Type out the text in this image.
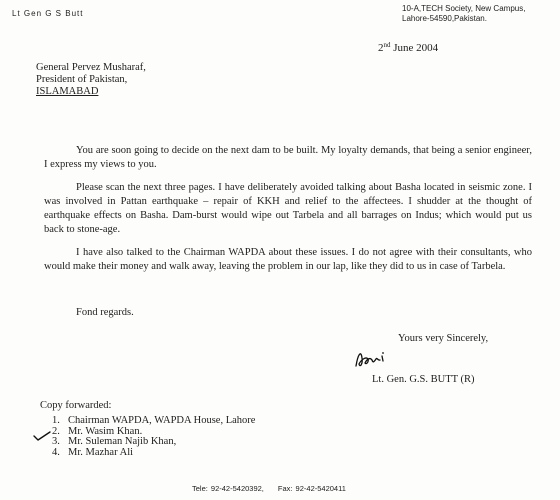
Lt Gen G S Butt
10-A,TECH Society, New Campus,
Lahore-54590,Pakistan.
2nd June 2004
General Pervez Musharaf,
President of Pakistan,
ISLAMABAD

You are soon going to decide on the next dam to be built. My loyalty demands, that being a senior engineer, I express my views to you.

Please scan the next three pages. I have deliberately avoided talking about Basha located in seismic zone. I was involved in Pattan earthquake – repair of KKH and relief to the affectees. I shudder at the thought of earthquake effects on Basha. Dam-burst would wipe out Tarbela and all barrages on Indus; which would put us back to stone-age.

I have also talked to the Chairman WAPDA about these issues. I do not agree with their consultants, who would make their money and walk away, leaving the problem in our lap, like they did to us in case of Tarbela.

Fond regards.
Yours very Sincerely,
Lt. Gen. G.S. BUTT (R)
Copy forwarded:
1. Chairman WAPDA, WAPDA House, Lahore
2. Mr. Wasim Khan.
3. Mr. Suleman Najib Khan,
4. Mr. Mazhar Ali
Tele: 92-42-5420392, Fax: 92-42-5420411
